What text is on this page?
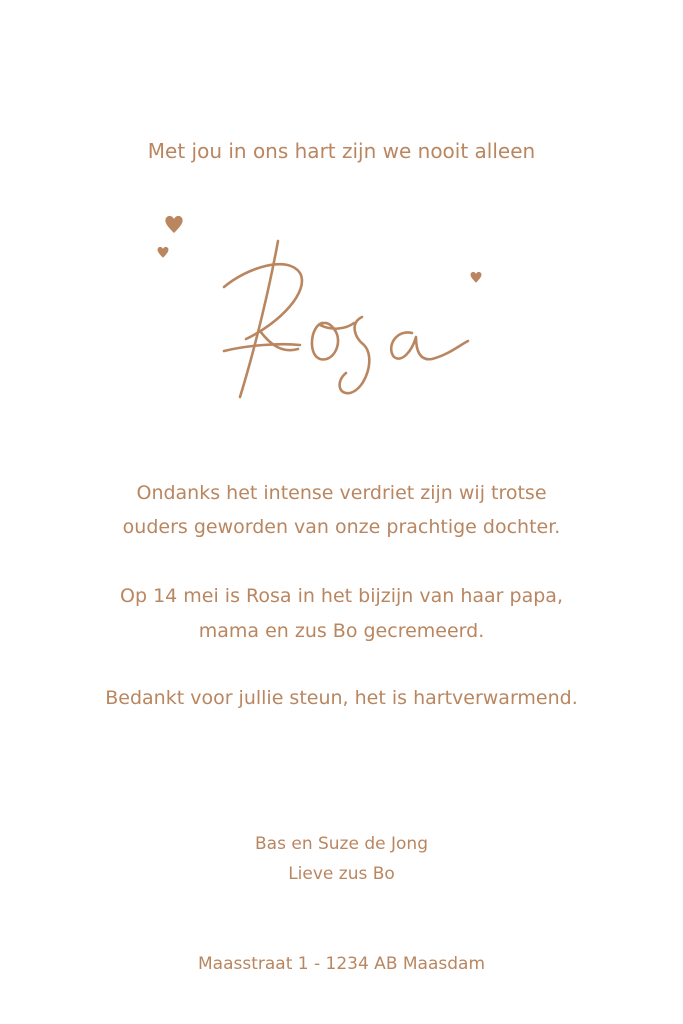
Met jou in ons hart zijn we nooit alleen
Ondanks het intense verdriet zijn wij trotse
ouders geworden van onze prachtige dochter.
Op 14 mei is Rosa in het bijzijn van haar papa,
mama en zus Bo gecremeerd.
Bedankt voor jullie steun, het is hartverwarmend.
Bas en Suze de Jong
Lieve zus Bo
Maasstraat 1 - 1234 AB Maasdam
